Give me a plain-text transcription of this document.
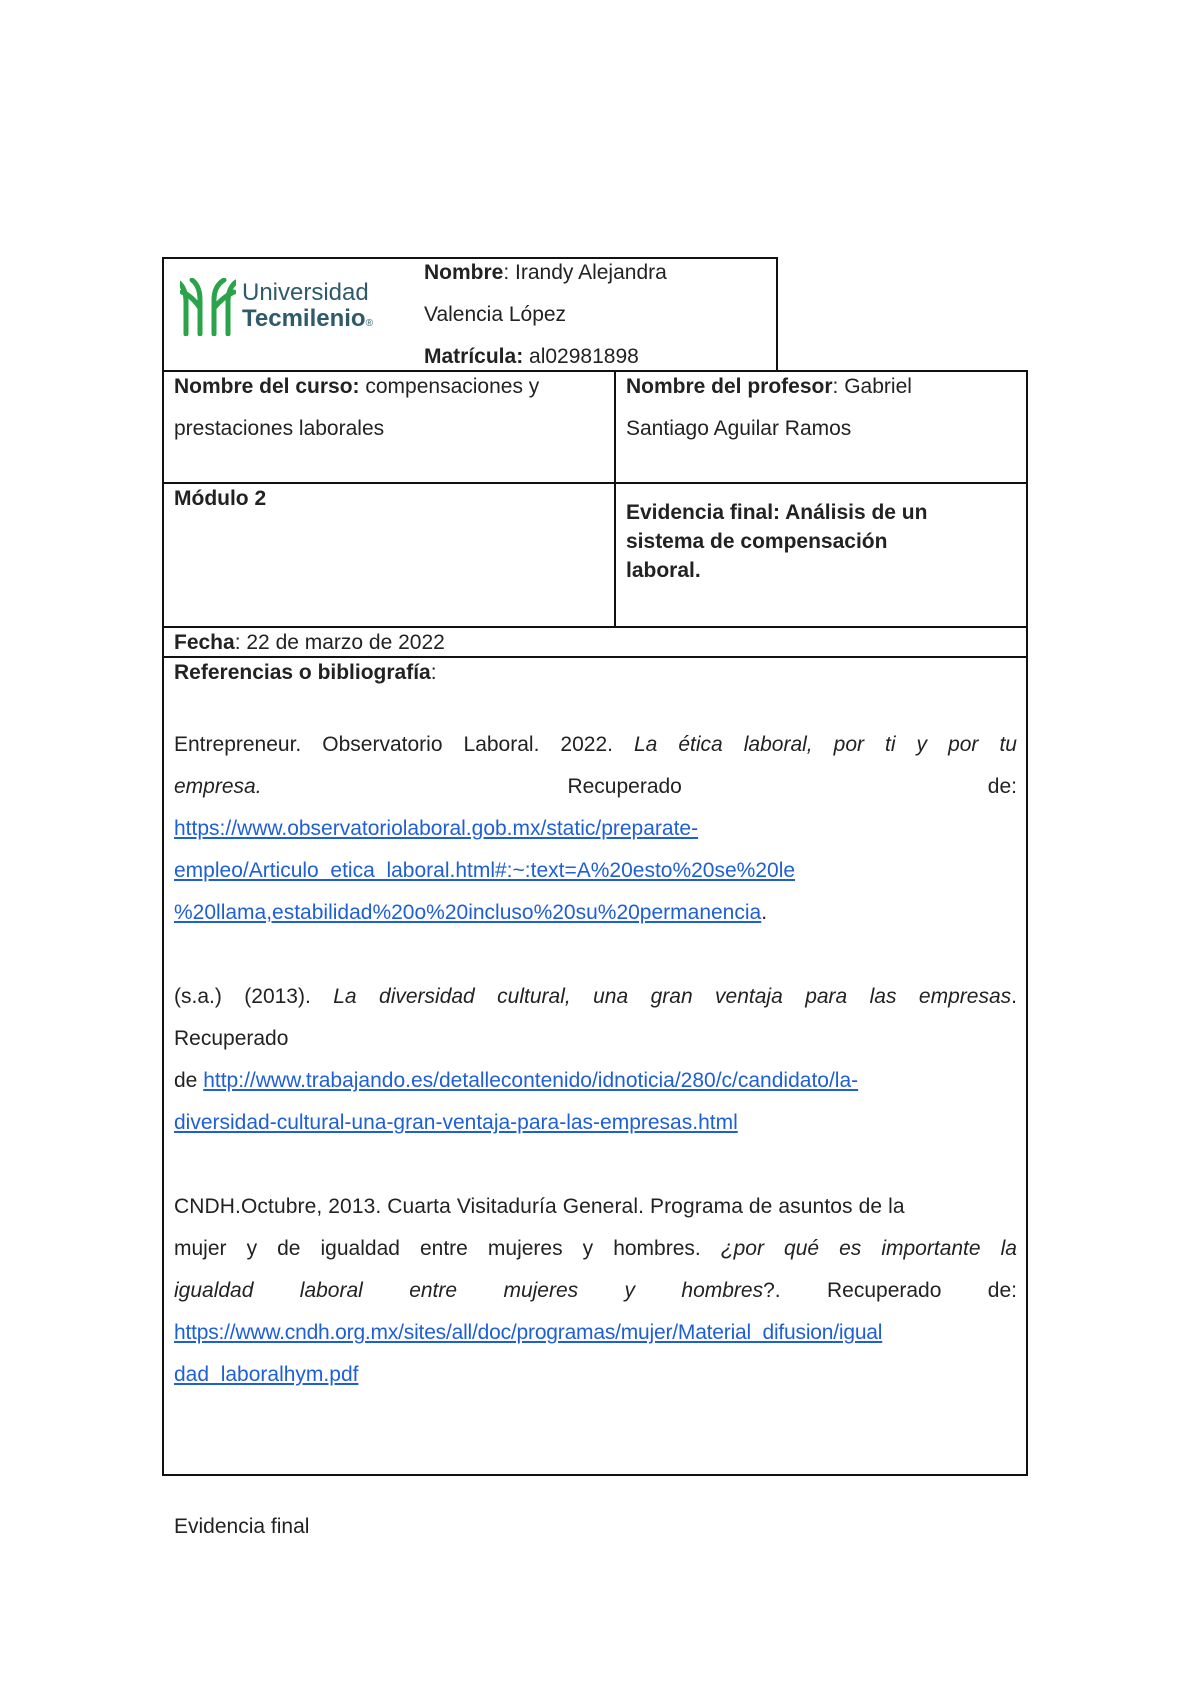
Universidad
Tecmilenio®
Nombre: Irandy Alejandra
Valencia López
Matrícula: al02981898
Nombre del curso: compensaciones y
prestaciones laborales
Nombre del profesor: Gabriel
Santiago Aguilar Ramos
Módulo 2
Evidencia final: Análisis de un
sistema de compensación
laboral.
Fecha: 22 de marzo de 2022
Referencias o bibliografía:
Entrepreneur. Observatorio Laboral. 2022. La ética laboral, por ti y por tu
empresa.	Recuperado	de:
https://www.observatoriolaboral.gob.mx/static/preparate-
empleo/Articulo_etica_laboral.html#:~:text=A%20esto%20se%20le
%20llama,estabilidad%20o%20incluso%20su%20permanencia.
(s.a.) (2013). La diversidad cultural, una gran ventaja para las empresas.
Recuperado
de http://www.trabajando.es/detallecontenido/idnoticia/280/c/candidato/la-
diversidad-cultural-una-gran-ventaja-para-las-empresas.html
CNDH.Octubre, 2013. Cuarta Visitaduría General. Programa de asuntos de la
mujer y de igualdad entre mujeres y hombres. ¿por qué es importante la
igualdad laboral entre mujeres y hombres?. Recuperado de:
https://www.cndh.org.mx/sites/all/doc/programas/mujer/Material_difusion/igual
dad_laboralhym.pdf
Evidencia final
